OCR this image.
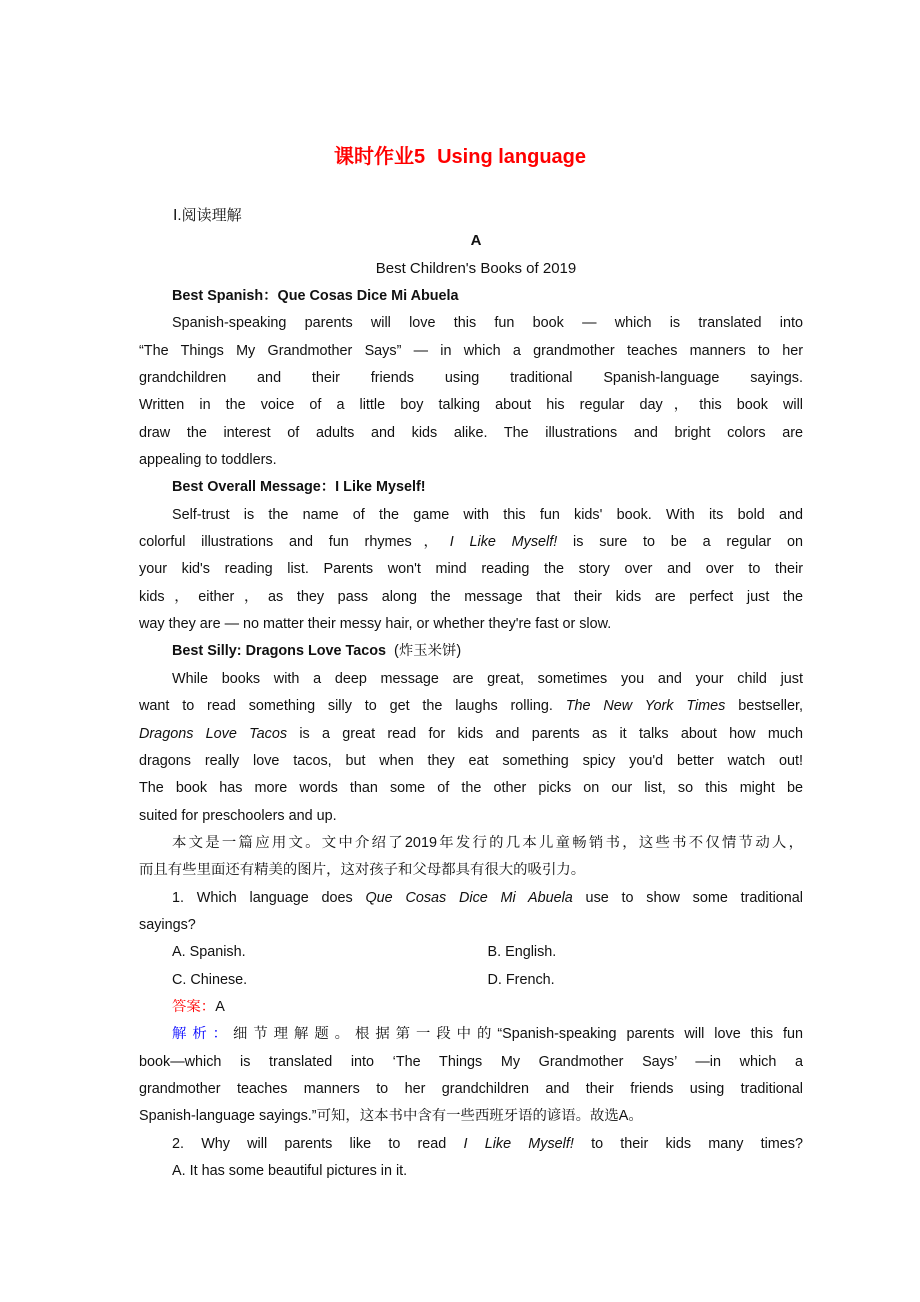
课时作业5 Using language
Ⅰ.阅读理解
A
Best Children's Books of 2019
Best Spanish：Que Cosas Dice Mi Abuela
Spanish-speaking parents will love this fun book — which is translated into
“The Things My Grandmother Says” — in which a grandmother teaches manners to her
grandchildren and their friends using traditional Spanish-language sayings.
Written in the voice of a little boy talking about his regular day，this book will
draw the interest of adults and kids alike. The illustrations and bright colors are
appealing to toddlers.
Best Overall Message：I Like Myself!
Self-trust is the name of the game with this fun kids' book. With its bold and
colorful illustrations and fun rhymes，I Like Myself! is sure to be a regular on
your kid's reading list. Parents won't mind reading the story over and over to their
kids，either，as they pass along the message that their kids are perfect just the
way they are — no matter their messy hair, or whether they're fast or slow.
Best Silly: Dragons Love Tacos  (炸玉米饼)
While books with a deep message are great, sometimes you and your child just
want to read something silly to get the laughs rolling. The New York Times bestseller,
Dragons Love Tacos is a great read for kids and parents as it talks about how much
dragons really love tacos, but when they eat something spicy you'd better watch out!
The book has more words than some of the other picks on our list, so this might be
suited for preschoolers and up.
本文是一篇应用文。文中介绍了2019年发行的几本儿童畅销书，这些书不仅情节动人，
而且有些里面还有精美的图片，这对孩子和父母都具有很大的吸引力。
1. Which language does Que Cosas Dice Mi Abuela use to show some traditional
sayings?
A. Spanish.	B. English.
C. Chinese.	D. French.
答案：A
解析：细节理解题。根据第一段中的“Spanish-speaking parents will love this fun
book—which is translated into ‘The Things My Grandmother Says’ —in which a
grandmother teaches manners to her grandchildren and their friends using traditional
Spanish-language sayings.”可知，这本书中含有一些西班牙语的谚语。故选A。
2. Why will parents like to read I Like Myself! to their kids many times?
A. It has some beautiful pictures in it.
